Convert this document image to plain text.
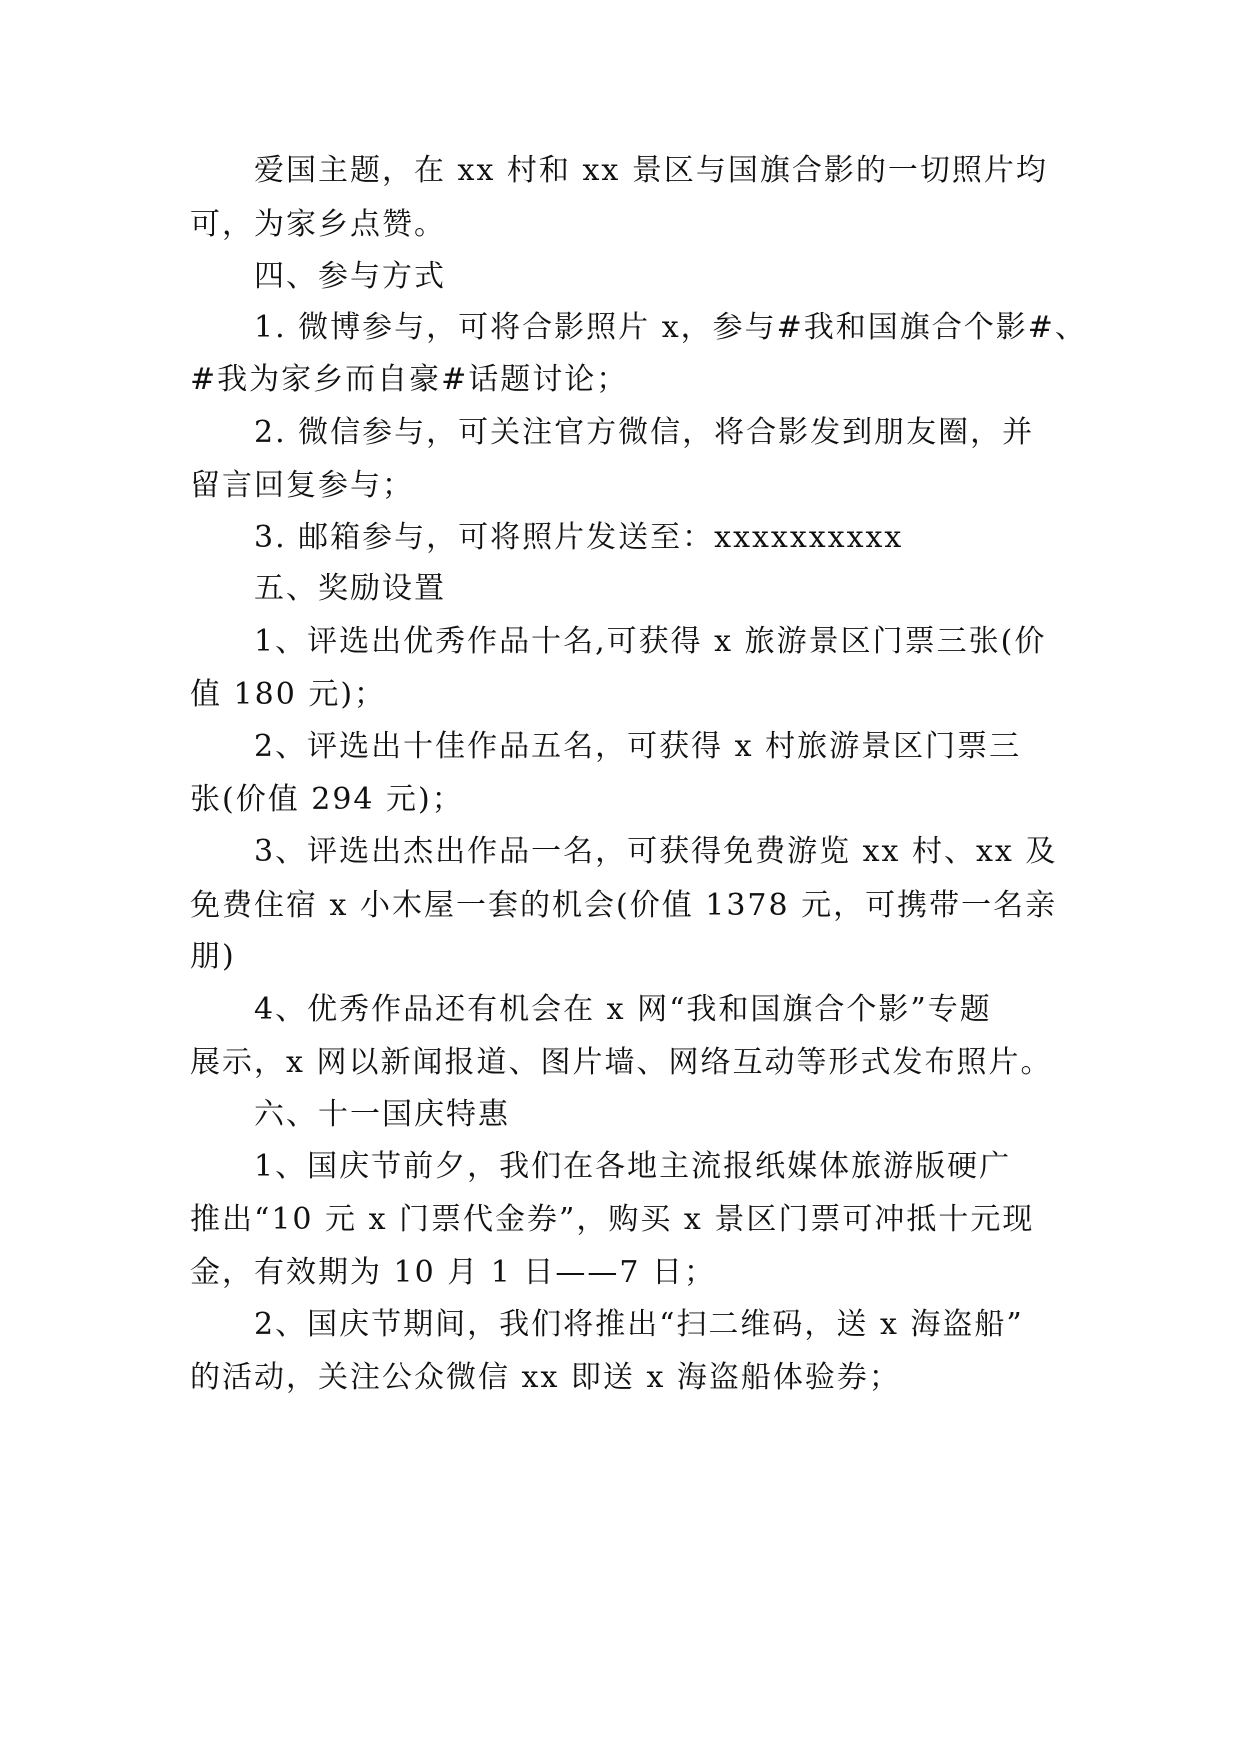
爱国主题，在 xx 村和 xx 景区与国旗合影的一切照片均

可，为家乡点赞。

四、参与方式

1. 微博参与，可将合影照片 x，参与#我和国旗合个影#、

#我为家乡而自豪#话题讨论；

2. 微信参与，可关注官方微信，将合影发到朋友圈，并

留言回复参与；

3. 邮箱参与，可将照片发送至：xxxxxxxxxx

五、奖励设置

1、评选出优秀作品十名,可获得 x 旅游景区门票三张(价

值 180 元)；

2、评选出十佳作品五名，可获得 x 村旅游景区门票三

张(价值 294 元)；

3、评选出杰出作品一名，可获得免费游览 xx 村、xx 及

免费住宿 x 小木屋一套的机会(价值 1378 元，可携带一名亲

朋)

4、优秀作品还有机会在 x 网“我和国旗合个影”专题

展示，x 网以新闻报道、图片墙、网络互动等形式发布照片。

六、十一国庆特惠

1、国庆节前夕，我们在各地主流报纸媒体旅游版硬广

推出“10 元 x 门票代金券”，购买 x 景区门票可冲抵十元现

金，有效期为 10 月 1 日——7 日；

2、国庆节期间，我们将推出“扫二维码，送 x 海盗船”

的活动，关注公众微信 xx 即送 x 海盗船体验券；
